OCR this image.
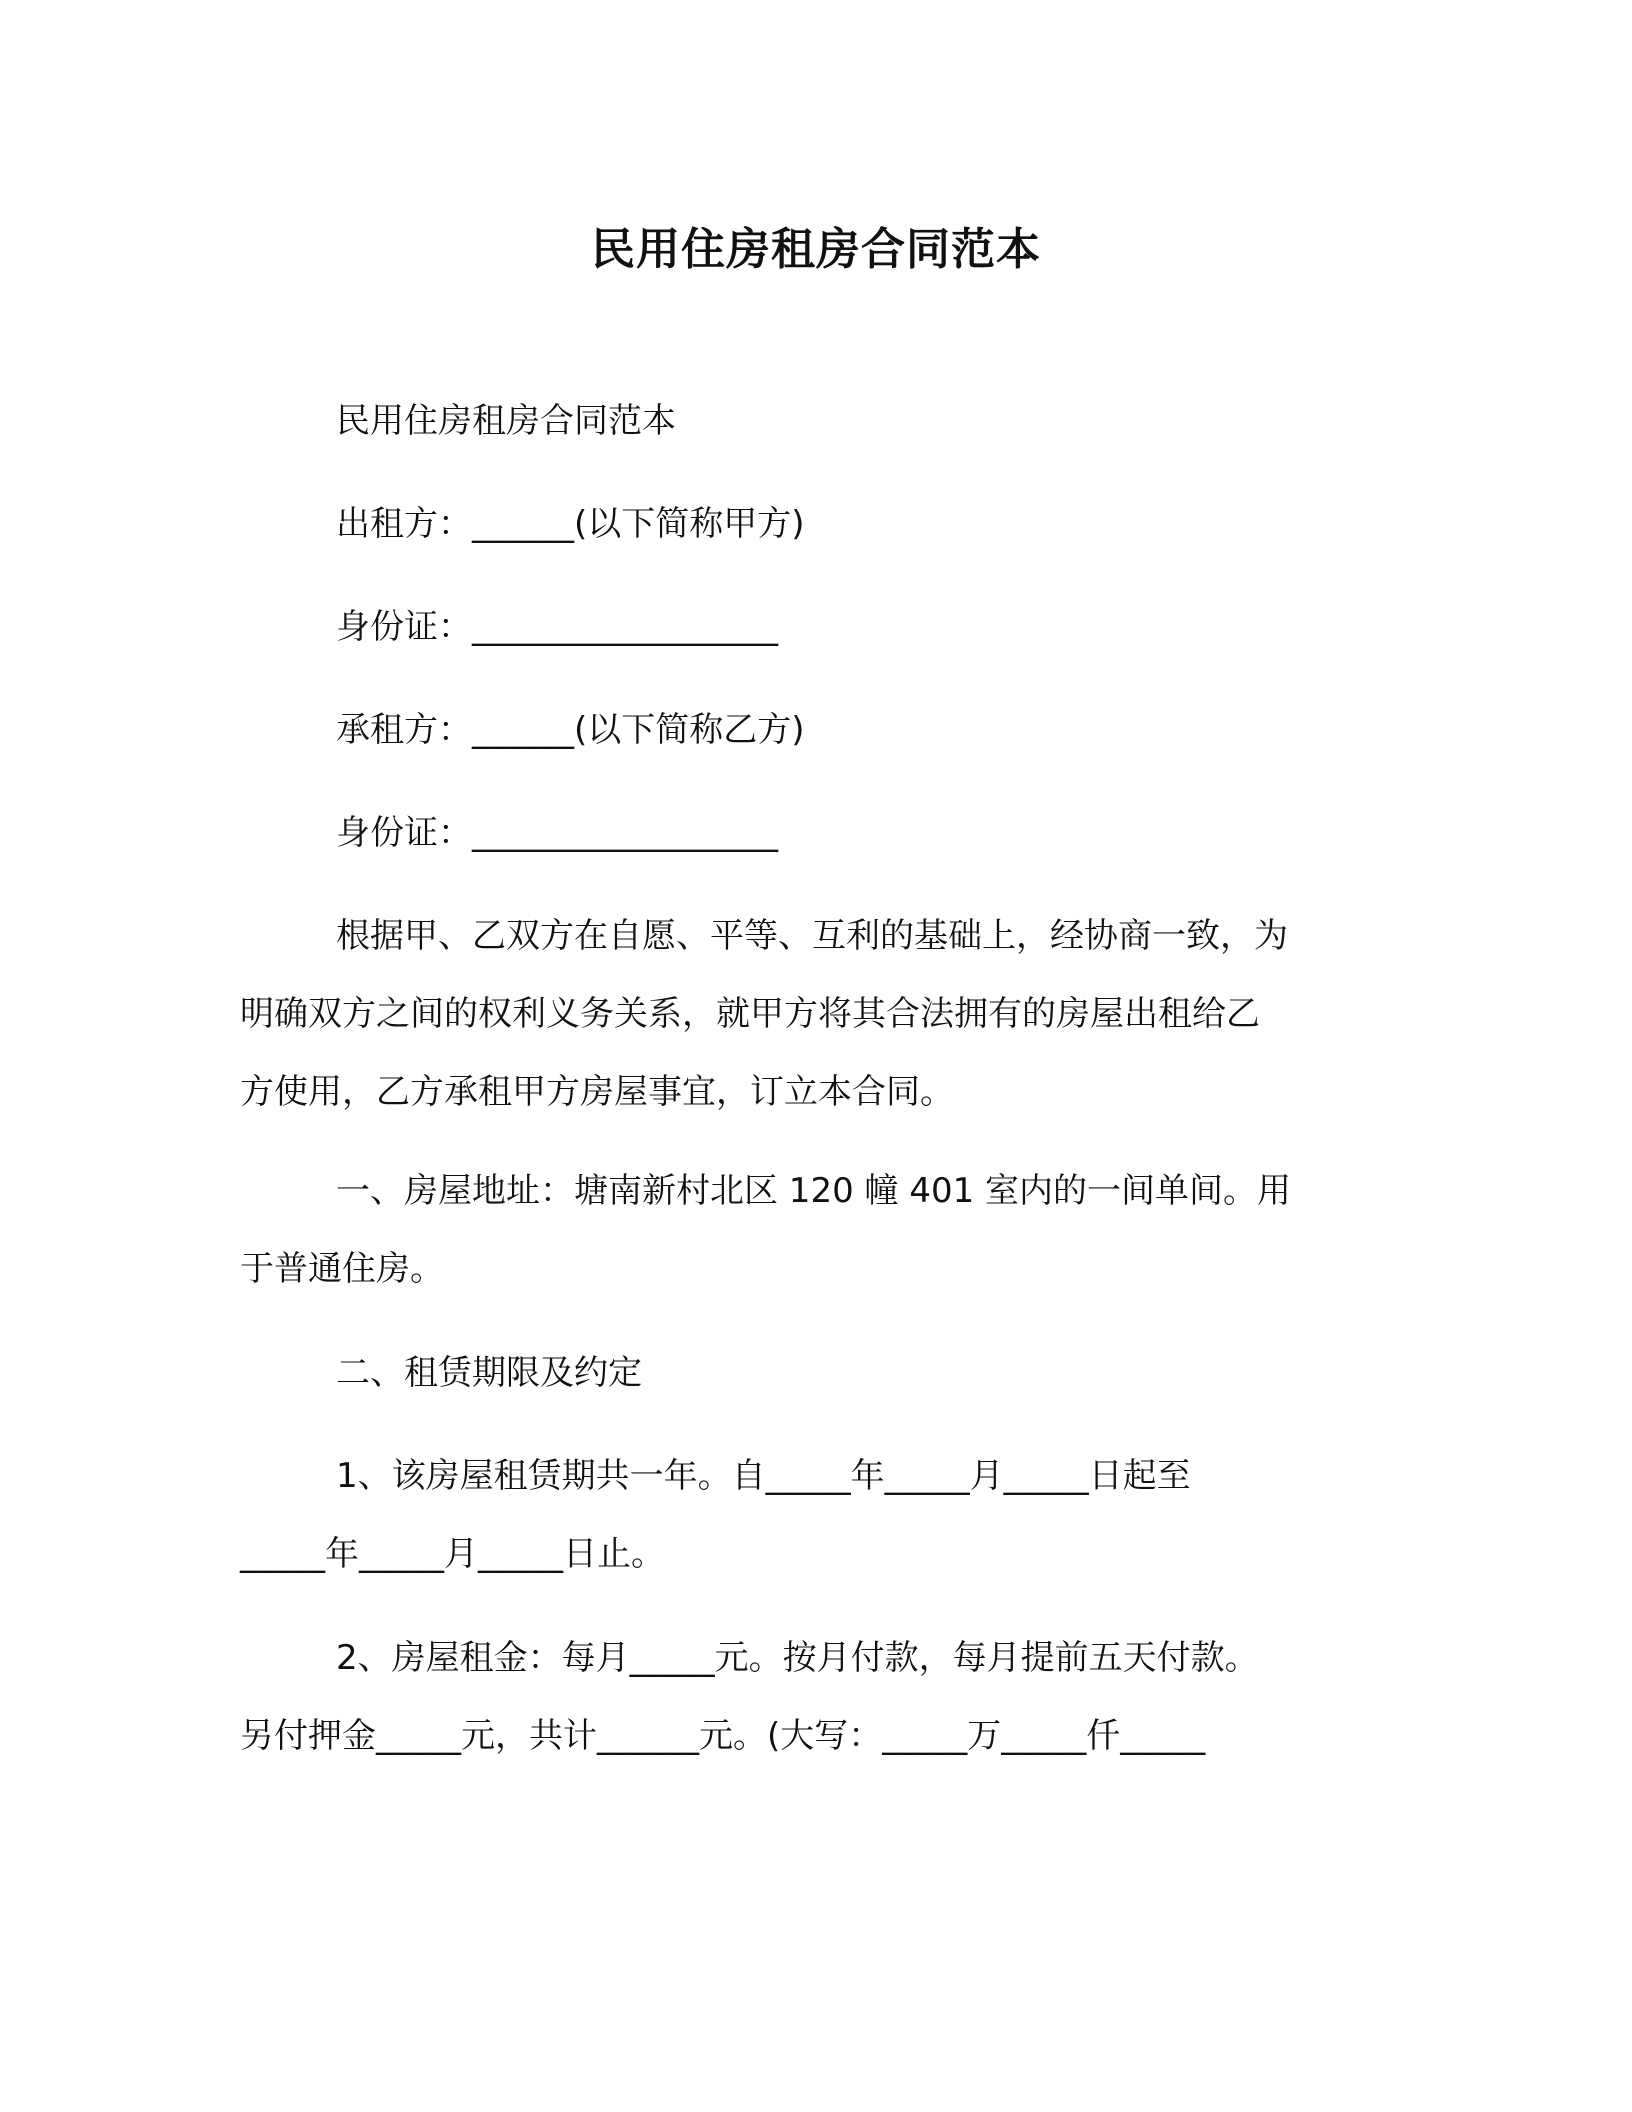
民用住房租房合同范本
民用住房租房合同范本
出租方：______(以下简称甲方)
身份证：__________________
承租方：______(以下简称乙方)
身份证：__________________
根据甲、乙双方在自愿、平等、互利的基础上，经协商一致，为
明确双方之间的权利义务关系，就甲方将其合法拥有的房屋出租给乙
方使用，乙方承租甲方房屋事宜，订立本合同。
一、房屋地址：塘南新村北区 120 幢 401 室内的一间单间。用
于普通住房。
二、租赁期限及约定
1、该房屋租赁期共一年。自_____年_____月_____日起至
_____年_____月_____日止。
2、房屋租金：每月_____元。按月付款，每月提前五天付款。
另付押金_____元，共计______元。(大写：_____万_____仟_____
